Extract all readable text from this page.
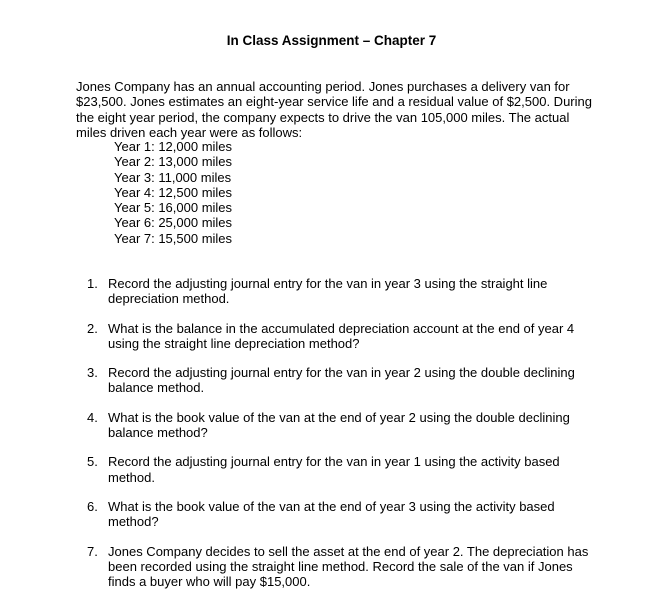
In Class Assignment – Chapter 7

Jones Company has an annual accounting period. Jones purchases a delivery van for $23,500. Jones estimates an eight-year service life and a residual value of $2,500. During the eight year period, the company expects to drive the van 105,000 miles. The actual miles driven each year were as follows:

Year 1: 12,000 miles
Year 2: 13,000 miles
Year 3: 11,000 miles
Year 4: 12,500 miles
Year 5: 16,000 miles
Year 6: 25,000 miles
Year 7: 15,500 miles
1. Record the adjusting journal entry for the van in year 3 using the straight line depreciation method.
2. What is the balance in the accumulated depreciation account at the end of year 4 using the straight line depreciation method?
3. Record the adjusting journal entry for the van in year 2 using the double declining balance method.
4. What is the book value of the van at the end of year 2 using the double declining balance method?
5. Record the adjusting journal entry for the van in year 1 using the activity based method.
6. What is the book value of the van at the end of year 3 using the activity based method?
7. Jones Company decides to sell the asset at the end of year 2. The depreciation has been recorded using the straight line method. Record the sale of the van if Jones finds a buyer who will pay $15,000.
